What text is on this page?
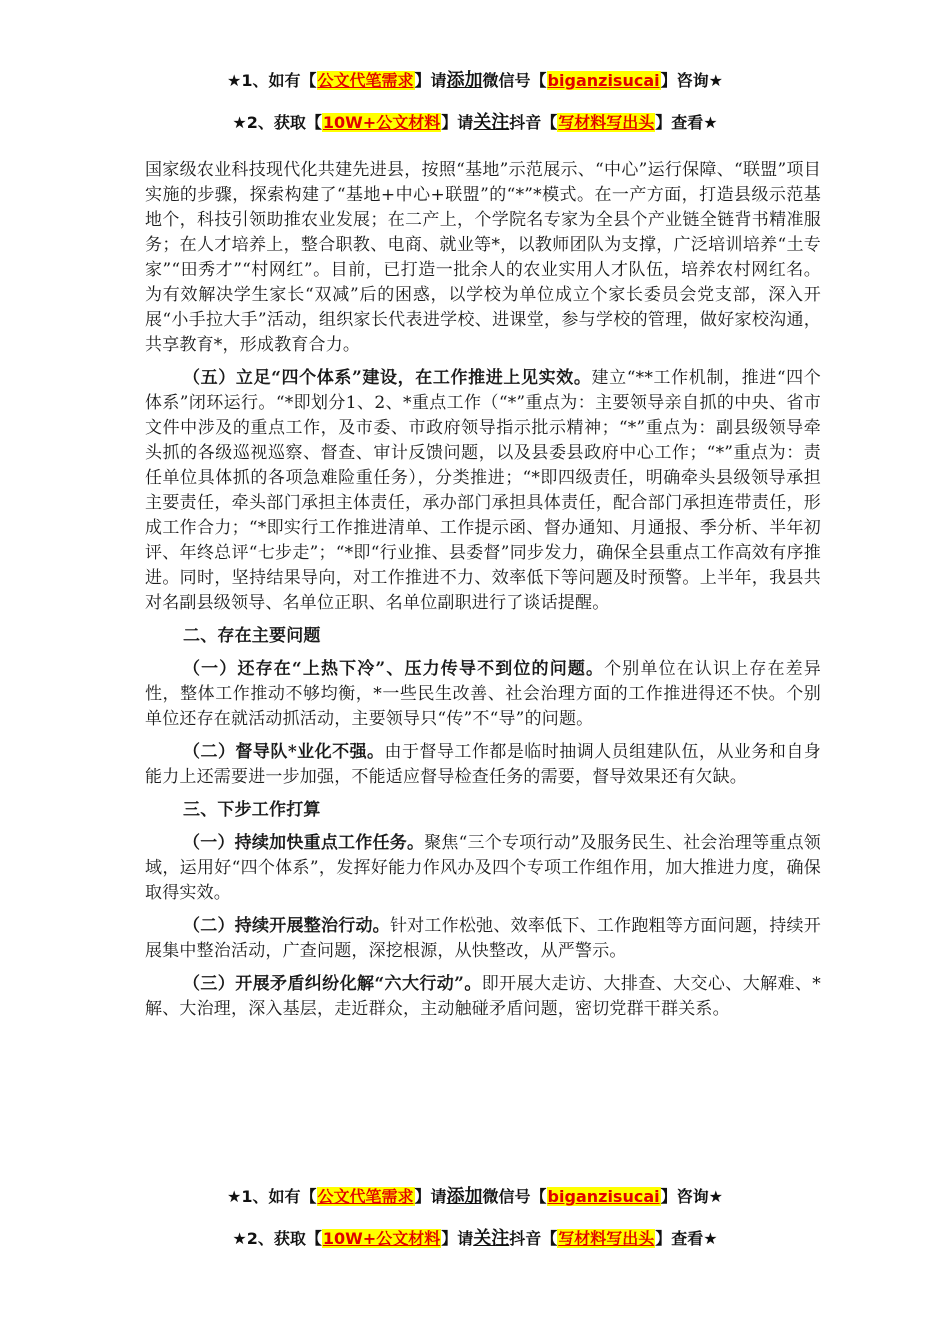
★1、如有【公文代笔需求】请添加微信号【biganzisucai】咨询★
★2、获取【10W+公文材料】请关注抖音【写材料写出头】查看★

国家级农业科技现代化共建先进县，按照“基地”示范展示、“中心”运行保障、“联盟”项目实施的步骤，探索构建了“基地+中心+联盟”的“*”*模式。在一产方面，打造县级示范基地个，科技引领助推农业发展；在二产上，个学院名专家为全县个产业链全链背书精准服务；在人才培养上，整合职教、电商、就业等*，以教师团队为支撑，广泛培训培养“土专家”“田秀才”“村网红”。目前，已打造一批余人的农业实用人才队伍，培养农村网红名。为有效解决学生家长“双减”后的困惑，以学校为单位成立个家长委员会党支部，深入开展“小手拉大手”活动，组织家长代表进学校、进课堂，参与学校的管理，做好家校沟通，共享教育*，形成教育合力。

（五）立足“四个体系”建设，在工作推进上见实效。建立“**工作机制，推进“四个体系”闭环运行。“*即划分1、2、*重点工作（“*”重点为：主要领导亲自抓的中央、省市文件中涉及的重点工作，及市委、市政府领导指示批示精神；“*”重点为：副县级领导牵头抓的各级巡视巡察、督查、审计反馈问题，以及县委县政府中心工作；“*”重点为：责任单位具体抓的各项急难险重任务），分类推进；“*即四级责任，明确牵头县级领导承担主要责任，牵头部门承担主体责任，承办部门承担具体责任，配合部门承担连带责任，形成工作合力；“*即实行工作推进清单、工作提示函、督办通知、月通报、季分析、半年初评、年终总评“七步走”；“*即“行业推、县委督”同步发力，确保全县重点工作高效有序推进。同时，坚持结果导向，对工作推进不力、效率低下等问题及时预警。上半年，我县共对名副县级领导、名单位正职、名单位副职进行了谈话提醒。

二、存在主要问题

（一）还存在“上热下冷”、压力传导不到位的问题。个别单位在认识上存在差异性，整体工作推动不够均衡，*一些民生改善、社会治理方面的工作推进得还不快。个别单位还存在就活动抓活动，主要领导只“传”不“导”的问题。

（二）督导队*业化不强。由于督导工作都是临时抽调人员组建队伍，从业务和自身能力上还需要进一步加强，不能适应督导检查任务的需要，督导效果还有欠缺。

三、下步工作打算

（一）持续加快重点工作任务。聚焦“三个专项行动”及服务民生、社会治理等重点领域，运用好“四个体系”，发挥好能力作风办及四个专项工作组作用，加大推进力度，确保取得实效。

（二）持续开展整治行动。针对工作松弛、效率低下、工作跑粗等方面问题，持续开展集中整治活动，广查问题，深挖根源，从快整改，从严警示。

（三）开展矛盾纠纷化解“六大行动”。即开展大走访、大排查、大交心、大解难、*解、大治理，深入基层，走近群众，主动触碰矛盾问题，密切党群干群关系。

★1、如有【公文代笔需求】请添加微信号【biganzisucai】咨询★
★2、获取【10W+公文材料】请关注抖音【写材料写出头】查看★
